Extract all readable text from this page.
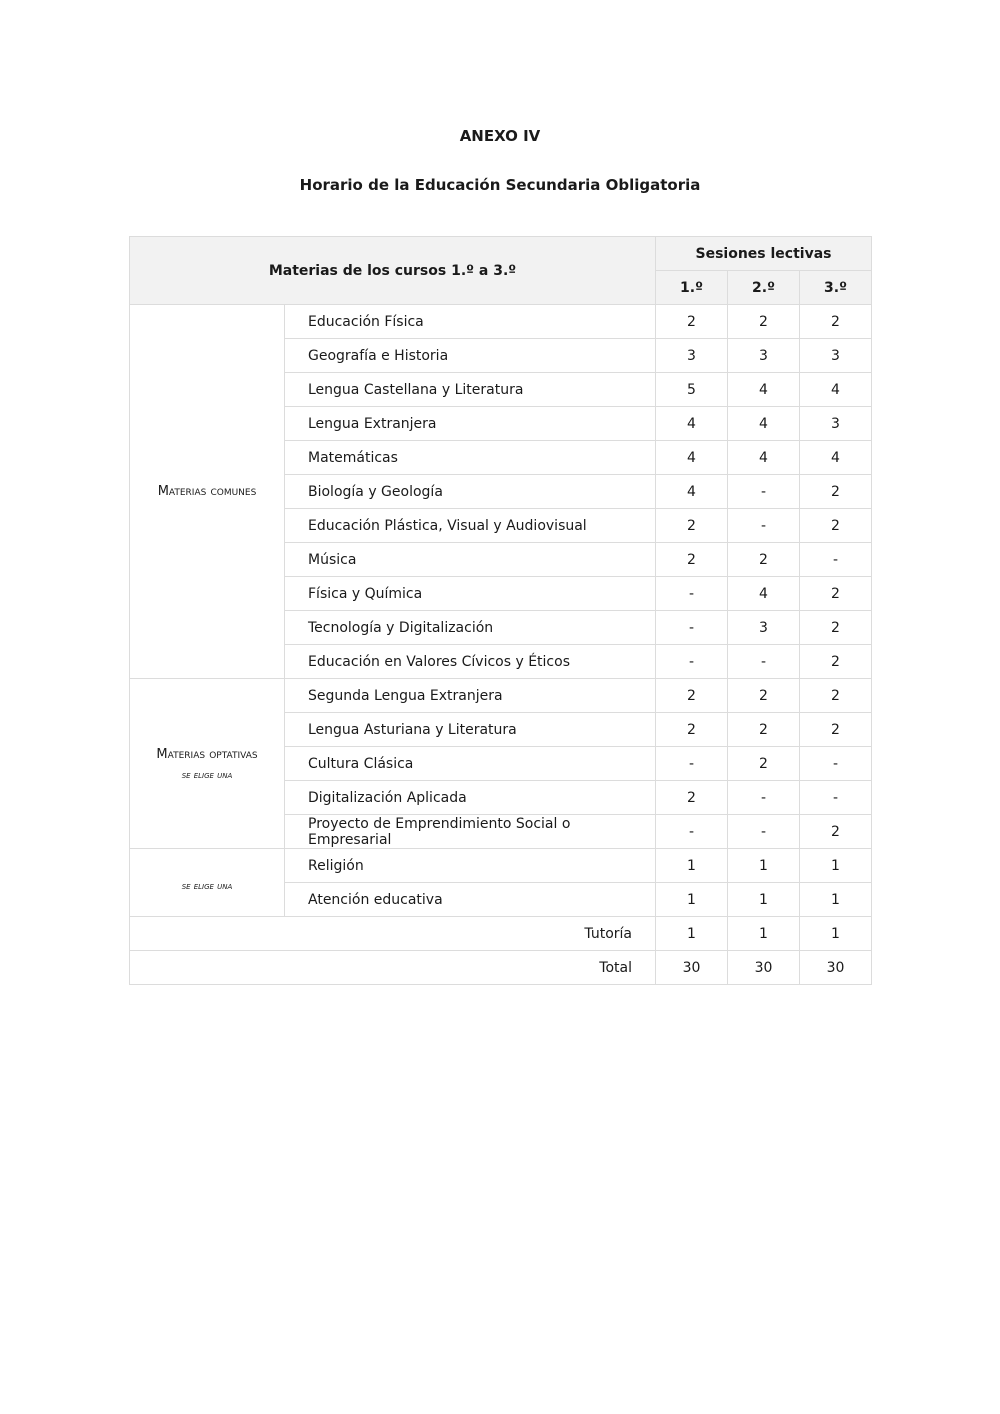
ANEXO IV
Horario de la Educación Secundaria Obligatoria
Materias de los cursos 1.º a 3.º		Sesiones lectivas		
		1.º	2.º	3.º
Materias comunes	Educación Física	2	2	2
	Geografía e Historia	3	3	3
	Lengua Castellana y Literatura	5	4	4
	Lengua Extranjera	4	4	3
	Matemáticas	4	4	4
	Biología y Geología	4	-	2
	Educación Plástica, Visual y Audiovisual	2	-	2
	Música	2	2	-
	Física y Química	-	4	2
	Tecnología y Digitalización	-	3	2
	Educación en Valores Cívicos y Éticos	-	-	2
Materias optativas
se elige una	Segunda Lengua Extranjera	2	2	2
	Lengua Asturiana y Literatura	2	2	2
	Cultura Clásica	-	2	-
	Digitalización Aplicada	2	-	-
	Proyecto de Emprendimiento Social o Empresarial	-	-	2

se elige una	Religión	1	1	1
	Atención educativa	1	1	1
Tutoría		1	1	1
Total		30	30	30
